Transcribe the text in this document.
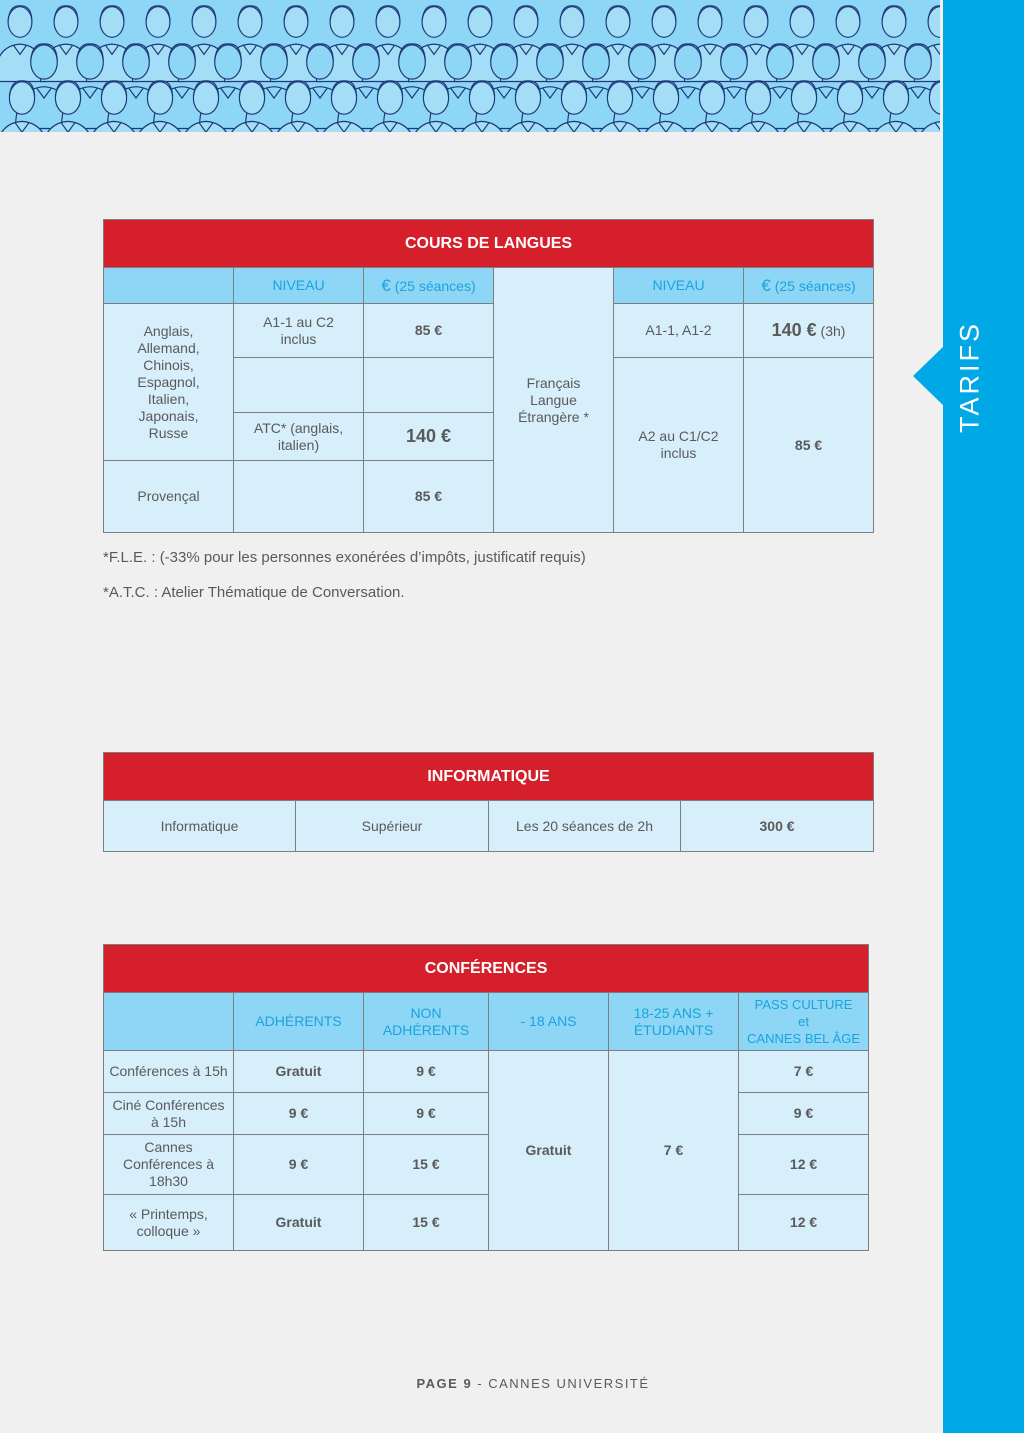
TARIFS
COURS DE LANGUES					
	NIVEAU	€ (25 séances)	Français Langue Étrangère *	NIVEAU	€ (25 séances)
Anglais, Allemand, Chinois, Espagnol, Italien, Japonais, Russe	A1-1 au C2 inclus	85 €		A1-1, A1-2	140 € (3h)

ATC* (anglais, italien)	140 €		A2 au C1/C2 inclus	85 €
Provençal		85 €			
*F.L.E. : (-33% pour les personnes exonérées d’impôts, justificatif requis)
*A.T.C. : Atelier Thématique de Conversation.
INFORMATIQUE
Informatique	Supérieur	Les 20 séances de 2h	300 €
CONFÉRENCES					
	ADHÉRENTS	NON ADHÉRENTS	- 18 ANS	18-25 ANS + ÉTUDIANTS	PASS CULTURE
et
CANNES BEL ÂGE

Conférences à 15h	Gratuit	9 €	Gratuit	7 €	7 €
Ciné Conférences à 15h	9 €	9 €			9 €
Cannes Conférences à 18h30	9 €	15 €			12 €
« Printemps, colloque »	Gratuit	15 €			12 €
PAGE 9 - CANNES UNIVERSITÉ
